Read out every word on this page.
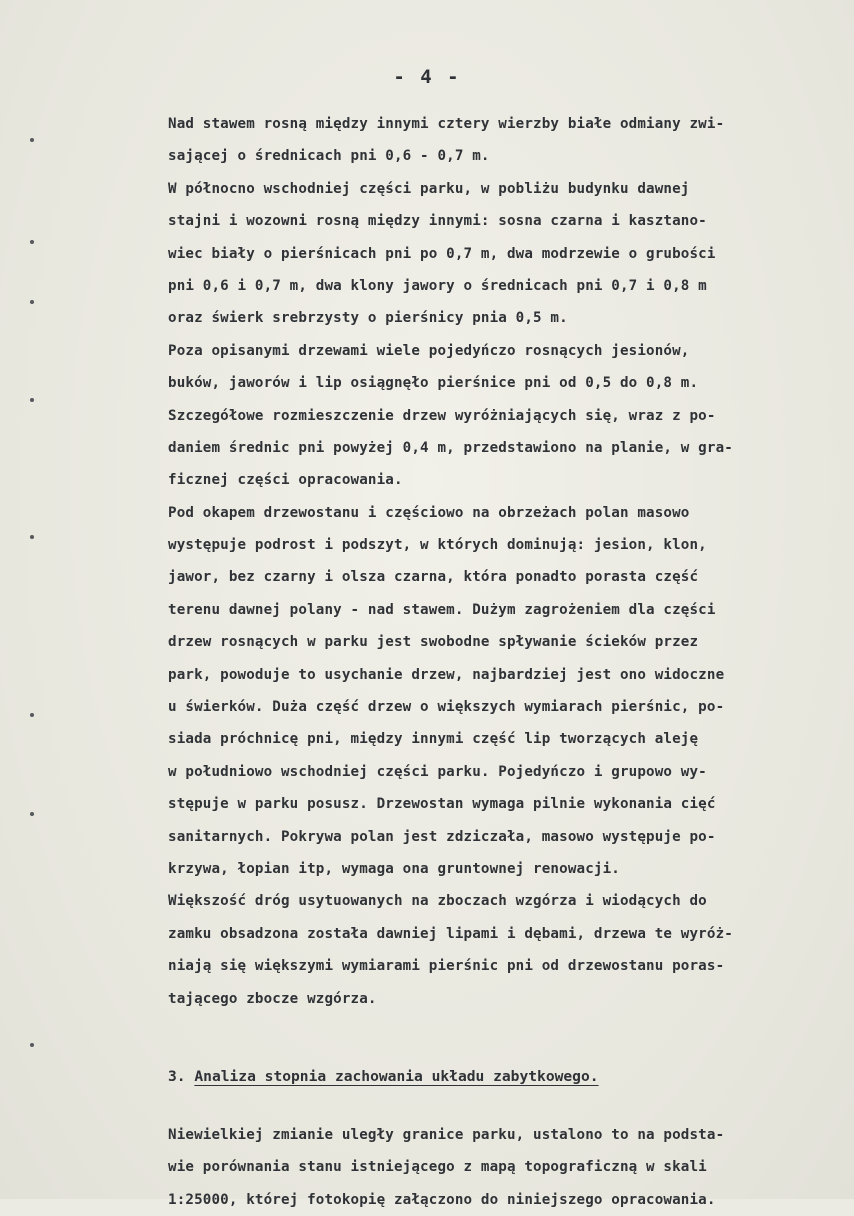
- 4 -
Nad stawem rosną między innymi cztery wierzby białe odmiany zwi-
sającej o średnicach pni 0,6 - 0,7 m.
W północno wschodniej części parku, w pobliżu budynku dawnej
stajni i wozowni rosną między innymi: sosna czarna i kasztano-
wiec biały o pierśnicach pni po 0,7 m, dwa modrzewie o grubości
pni 0,6 i 0,7 m, dwa klony jawory o średnicach pni 0,7 i 0,8 m
oraz świerk srebrzysty o pierśnicy pnia 0,5 m.
Poza opisanymi drzewami wiele pojedyńczo rosnących jesionów,
buków, jaworów i lip osiągnęło pierśnice pni od 0,5 do 0,8 m.
Szczegółowe rozmieszczenie drzew wyróżniających się, wraz z po-
daniem średnic pni powyżej 0,4 m, przedstawiono na planie, w gra-
ficznej części opracowania.
Pod okapem drzewostanu i częściowo na obrzeżach polan masowo
występuje podrost i podszyt, w których dominują: jesion, klon,
jawor, bez czarny i olsza czarna, która ponadto porasta część
terenu dawnej polany - nad stawem. Dużym zagrożeniem dla części
drzew rosnących w parku jest swobodne spływanie ścieków przez
park, powoduje to usychanie drzew, najbardziej jest ono widoczne
u świerków. Duża część drzew o większych wymiarach pierśnic, po-
siada próchnicę pni, między innymi część lip tworzących aleję
w południowo wschodniej części parku. Pojedyńczo i grupowo wy-
stępuje w parku posusz. Drzewostan wymaga pilnie wykonania cięć
sanitarnych. Pokrywa polan jest zdziczała, masowo występuje po-
krzywa, łopian itp, wymaga ona gruntownej renowacji.
Większość dróg usytuowanych na zboczach wzgórza i wiodących do
zamku obsadzona została dawniej lipami i dębami, drzewa te wyróż-
niają się większymi wymiarami pierśnic pni od drzewostanu poras-
tającego zbocze wzgórza.
3. Analiza stopnia zachowania układu zabytkowego.
Niewielkiej zmianie uległy granice parku, ustalono to na podsta-
wie porównania stanu istniejącego z mapą topograficzną w skali
1:25000, której fotokopię załączono do niniejszego opracowania.
